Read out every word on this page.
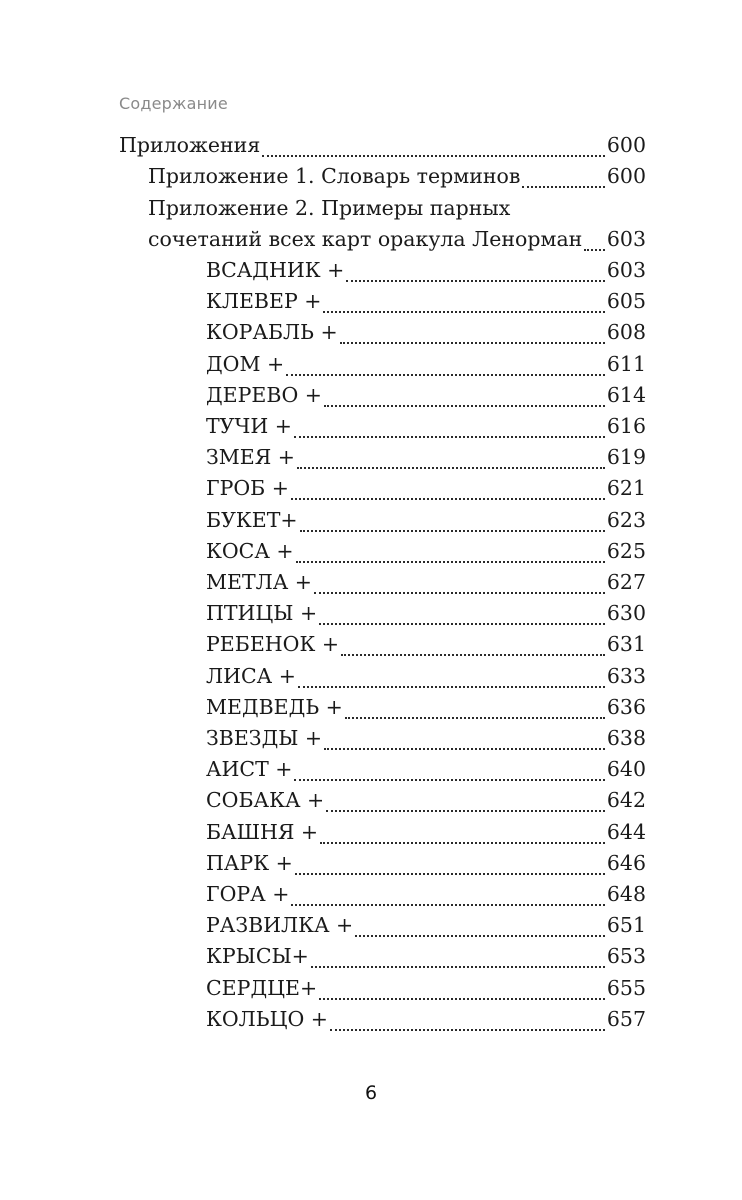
Содержание
Приложения	600
Приложение 1. Словарь терминов	600
Приложение 2. Примеры парных
сочетаний всех карт оракула Ленорман 603
ВСАДНИК +	603
КЛЕВЕР +	605
КОРАБЛЬ +	608
ДОМ +	611
ДЕРЕВО +	614
ТУЧИ +	616
ЗМЕЯ +	619
ГРОБ +	621
БУКЕТ+	623
КОСА +	625
МЕТЛА +	627
ПТИЦЫ +	630
РЕБЕНОК +	631
ЛИСА +	633
МЕДВЕДЬ +	636
ЗВЕЗДЫ +	638
АИСТ +	640
СОБАКА +	642
БАШНЯ +	644
ПАРК +	646
ГОРА +	648
РАЗВИЛКА +	651
КРЫСЫ+	653
СЕРДЦЕ+	655
КОЛЬЦО +	657
6
